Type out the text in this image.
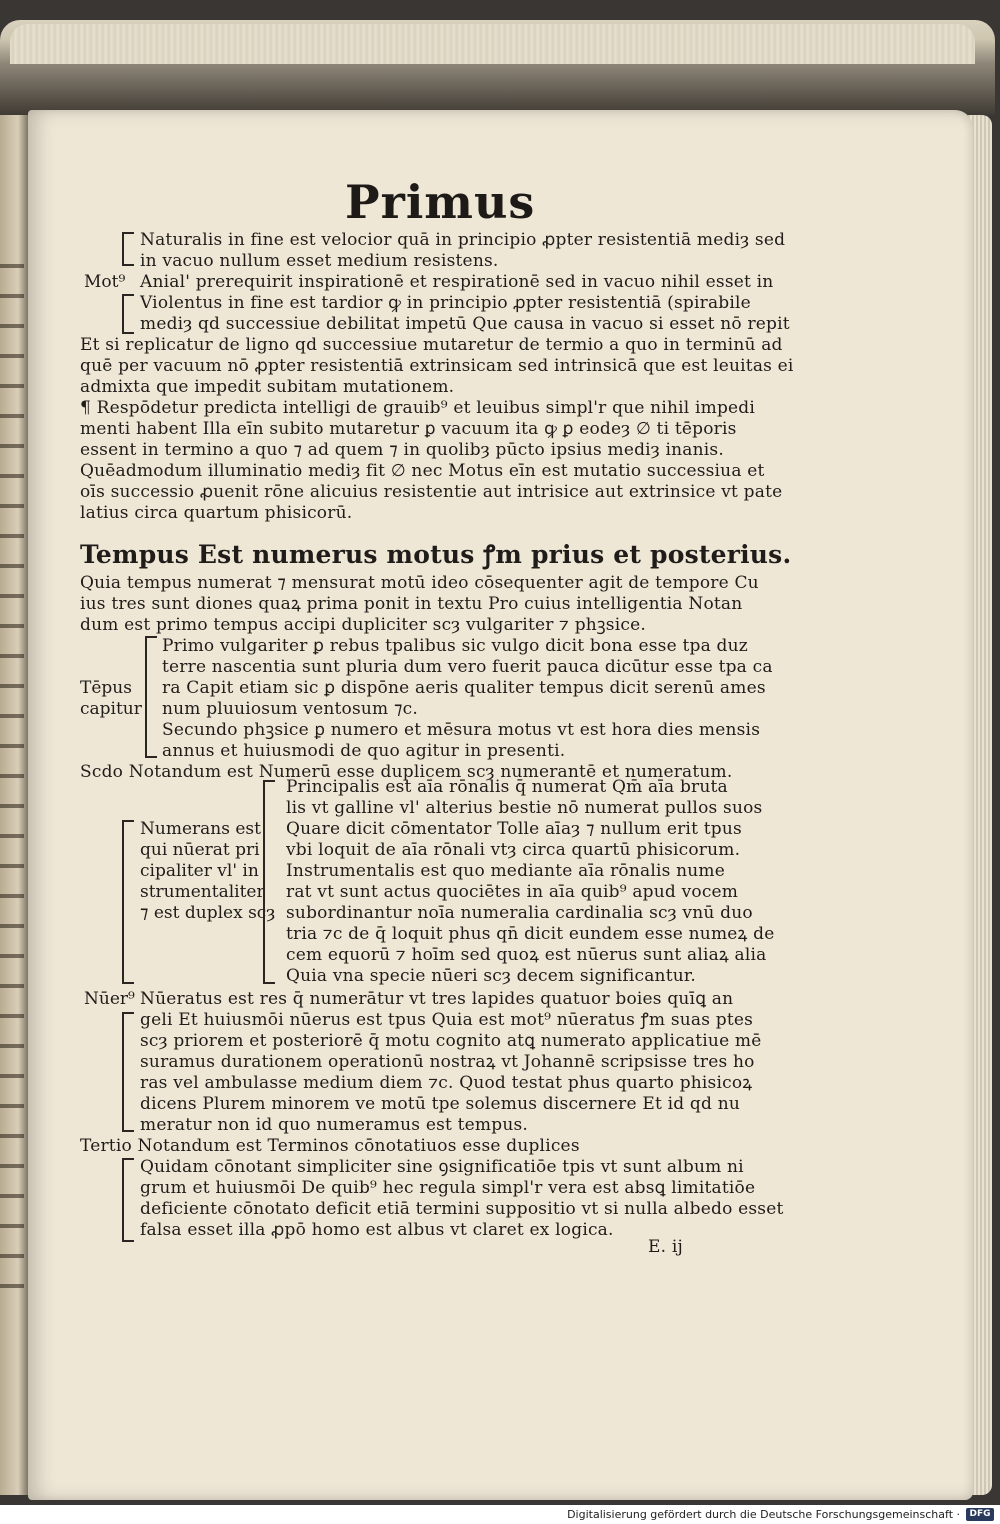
Primus
Naturalis in fine est velocior quā in principio ꝓpter resistentiā mediȝ sed
in vacuo nullum esset medium resistens.
Mot⁹ Anial' prerequirit inspirationē et respirationē sed in vacuo nihil esset in
Violentus in fine est tardior ꝙ in principio ꝓpter resistentiā (spirabile
mediȝ qd successiue debilitat impetū Que causa in vacuo si esset nō repit
Et si replicatur de ligno qd successiue mutaretur de termio a quo in terminū ad
quē per vacuum nō ꝓpter resistentiā extrinsicam sed intrinsicā que est leuitas ei
admixta que impedit subitam mutationem.
¶ Respōdetur predicta intelligi de grauib⁹ et leuibus simpl'r que nihil impedi
menti habent Illa eīn subito mutaretur ꝑ vacuum ita ꝙ ꝑ eodeȝ ∅ ti tēporis
essent in termino a quo ⁊ ad quem ⁊ in quolibȝ pūcto ipsius mediȝ inanis.
Quēadmodum illuminatio mediȝ fit ∅ nec Motus eīn est mutatio successiua et
oīs successio ꝓuenit rōne alicuius resistentie aut intrisice aut extrinsice vt pate
latius circa quartum phisicorū.
Tempus Est numerus motus ꝭm prius et posterius.
Quia tempus numerat ⁊ mensurat motū ideo cōsequenter agit de tempore Cu
ius tres sunt diones quaꝝ prima ponit in textu Pro cuius intelligentia Notan
dum est primo tempus accipi dupliciter scȝ vulgariter ⁊ phꝫsice.
Tēpus
capitur
Primo vulgariter ꝑ rebus tpalibus sic vulgo dicit bona esse tpa duz
terre nascentia sunt pluria dum vero fuerit pauca dicūtur esse tpa ca
ra Capit etiam sic ꝑ dispōne aeris qualiter tempus dicit serenū ames
num pluuiosum ventosum ⁊c.
Secundo phꝫsice ꝑ numero et mēsura motus vt est hora dies mensis
annus et huiusmodi de quo agitur in presenti.
Scdo Notandum est Numerū esse duplicem scȝ numerantē et numeratum.
Numerans est
qui nūerat pri
cipaliter vl' in
strumentaliter
⁊ est duplex scȝ
Principalis est aīa rōnalis q̄ numerat Qm̄ aīa bruta
lis vt galline vl' alterius bestie nō numerat pullos suos
Quare dicit cōmentator Tolle aīaȝ ⁊ nullum erit tpus
vbi loquit de aīa rōnali vtȝ circa quartū phisicorum.
Instrumentalis est quo mediante aīa rōnalis nume
rat vt sunt actus quociētes in aīa quib⁹ apud vocem
subordinantur noīa numeralia cardinalia scȝ vnū duo
tria ⁊c de q̄ loquit phus qn̄ dicit eundem esse numeꝝ de
cem equorū ⁊ hoīm sed quoꝝ est nūerus sunt aliaꝝ alia
Quia vna specie nūeri scȝ decem significantur.
Nūer⁹ Nūeratus est res q̄ numerātur vt tres lapides quatuor boies quīꝗ an
geli Et huiusmōi nūerus est tpus Quia est mot⁹ nūeratus ꝭm suas ptes
scȝ priorem et posteriorē q̄ motu cognito atꝗ numerato applicatiue mē
suramus durationem operationū nostraꝝ vt Johannē scripsisse tres ho
ras vel ambulasse medium diem ⁊c. Quod testat phus quarto phisicoꝝ
dicens Plurem minorem ve motū tpe solemus discernere Et id qd nu
meratur non id quo numeramus est tempus.
Tertio Notandum est Terminos cōnotatiuos esse duplices
Quidam cōnotant simpliciter sine ꝯsignificatiōe tpis vt sunt album ni
grum et huiusmōi De quib⁹ hec regula simpl'r vera est absꝗ limitatiōe
deficiente cōnotato deficit etiā termini suppositio vt si nulla albedo esset
falsa esset illa ꝓpō homo est albus vt claret ex logica.
E. ij
Digitalisierung gefördert durch die Deutsche Forschungsgemeinschaft ·	DFG
